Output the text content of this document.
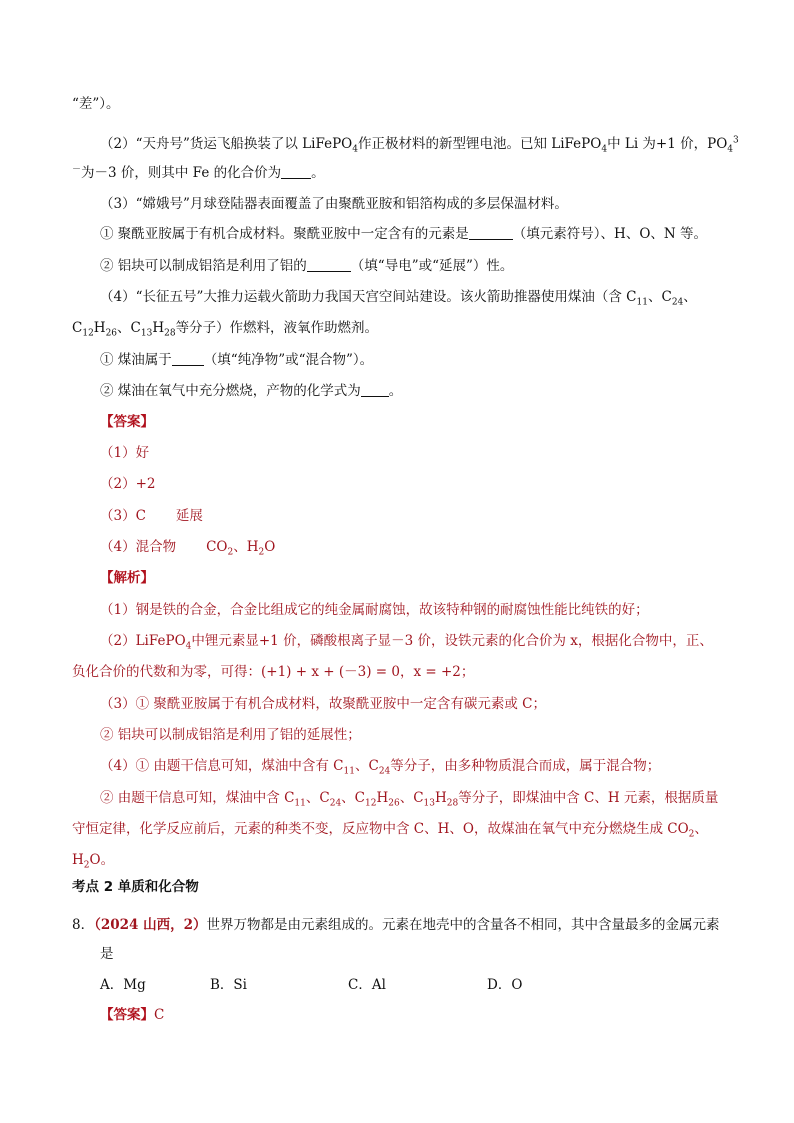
“差”）。
（2）“天舟号”货运飞船换装了以 LiFePO$_4$作正极材料的新型锂电池。已知 LiFePO$_4$中 Li 为+1 价，$PO_4^3$
－为－3 价，则其中 Fe 的化合价为 。
（3）“嫦娥号”月球登陆器表面覆盖了由聚酰亚胺和铝箔构成的多层保温材料。
① 聚酰亚胺属于有机合成材料。聚酰亚胺中一定含有的元素是	（填元素符号）、H、O、N 等。
② 铝块可以制成铝箔是利用了铝的	（填“导电”或“延展”）性。
（4）“长征五号”大推力运载火箭助力我国天宫空间站建设。该火箭助推器使用煤油（含 $C_{11}$、$C_{24}$、
$C_{12}H_{26}$、$C_{13}H_{28}$等分子）作燃料，液氧作助燃剂。
① 煤油属于 （填“纯净物”或“混合物”）。
② 煤油在氧气中充分燃烧，产物的化学式为 。
【答案】
（1）好
（2）+2
（3）C 延展
（4）混合物 $CO_2$、$H_2O$
【解析】
（1）钢是铁的合金，合金比组成它的纯金属耐腐蚀，故该特种钢的耐腐蚀性能比纯铁的好；
（2）LiFePO$_4$中锂元素显+1 价，磷酸根离子显－3 价，设铁元素的化合价为 x，根据化合物中，正、
负化合价的代数和为零，可得：(+1) + x + (－3) = 0，x = +2；
（3）① 聚酰亚胺属于有机合成材料，故聚酰亚胺中一定含有碳元素或 C；
② 铝块可以制成铝箔是利用了铝的延展性；
（4）① 由题干信息可知，煤油中含有 $C_{11}$、$C_{24}$等分子，由多种物质混合而成，属于混合物；
② 由题干信息可知，煤油中含 $C_{11}$、$C_{24}$、$C_{12}H_{26}$、$C_{13}H_{28}$等分子，即煤油中含 C、H 元素，根据质量
守恒定律，化学反应前后，元素的种类不变，反应物中含 C、H、O，故煤油在氧气中充分燃烧生成 $CO_2$、
$H_2O$。
考点 2 单质和化合物
8．（2024 山西，2）世界万物都是由元素组成的。元素在地壳中的含量各不相同，其中含量最多的金属元素
是
A．Mg	B．Si	C．Al	D．O
【答案】C
